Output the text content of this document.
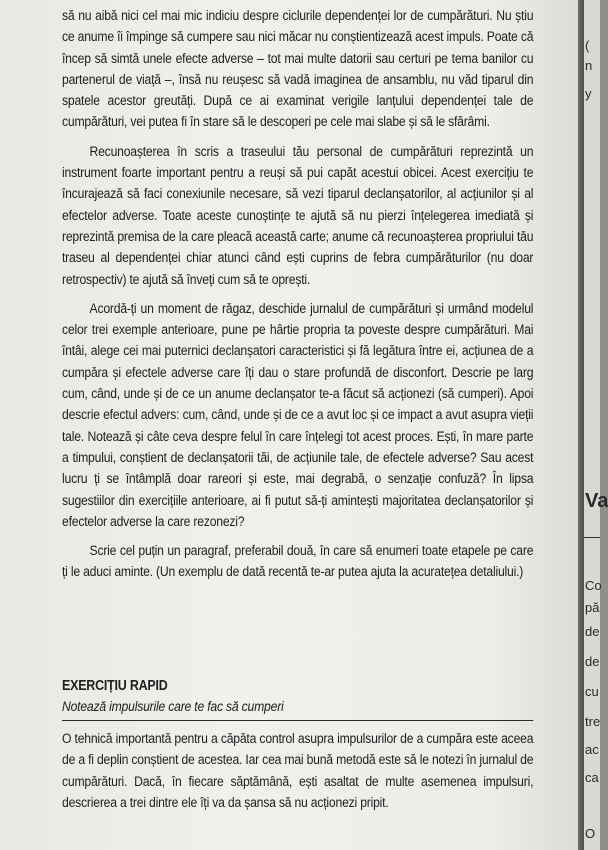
să nu aibă nici cel mai mic indiciu despre ciclurile dependenței lor de cumpărături. Nu știu ce anume îi împinge să cumpere sau nici măcar nu conștientizează acest impuls. Poate că încep să simtă unele efecte adverse – tot mai multe datorii sau certuri pe tema banilor cu partenerul de viață –, însă nu reușesc să vadă imaginea de ansamblu, nu văd tiparul din spatele acestor greutăți. După ce ai examinat verigile lanțului dependenței tale de cumpărături, vei putea fi în stare să le descoperi pe cele mai slabe și să le sfărâmi.

Recunoașterea în scris a traseului tău personal de cumpărături reprezintă un instrument foarte important pentru a reuși să pui capăt acestui obicei. Acest exercițiu te încurajează să faci conexiunile necesare, să vezi tiparul declanșatorilor, al acțiunilor și al efectelor adverse. Toate aceste cunoștințe te ajută să nu pierzi înțelegerea imediată și reprezintă premisa de la care pleacă această carte; anume că recunoașterea propriului tău traseu al dependenței chiar atunci când ești cuprins de febra cumpărăturilor (nu doar retrospectiv) te ajută să înveți cum să te oprești.

Acordă-ți un moment de răgaz, deschide jurnalul de cumpărături și urmând modelul celor trei exemple anterioare, pune pe hârtie propria ta poveste despre cumpărături. Mai întâi, alege cei mai puternici declanșatori caracteristici și fă legătura între ei, acțiunea de a cumpăra și efectele adverse care îți dau o stare profundă de disconfort. Descrie pe larg cum, când, unde și de ce un anume declanșator te-a făcut să acționezi (să cumperi). Apoi descrie efectul advers: cum, când, unde și de ce a avut loc și ce impact a avut asupra vieții tale. Notează și câte ceva despre felul în care înțelegi tot acest proces. Ești, în mare parte a timpului, conștient de declanșatorii tăi, de acțiunile tale, de efectele adverse? Sau acest lucru ți se întâmplă doar rareori și este, mai degrabă, o senzație confuză? În lipsa sugestiilor din exercițiile anterioare, ai fi putut să-ți amintești majoritatea declanșatorilor și efectelor adverse la care rezonezi?

Scrie cel puțin un paragraf, preferabil două, în care să enumeri toate etapele pe care ți le aduci aminte. (Un exemplu de dată recentă te-ar putea ajuta la acuratețea detaliului.)

EXERCIȚIU RAPID

Notează impulsurile care te fac să cumperi

O tehnică importantă pentru a căpăta control asupra impulsurilor de a cumpăra este aceea de a fi deplin conștient de acestea. Iar cea mai bună metodă este să le notezi în jurnalul de cumpărături. Dacă, în fiecare săptămână, ești asaltat de multe asemenea impulsuri, descrierea a trei dintre ele îți va da șansa să nu acționezi pripit.

(
n
y
Va
Co
pă
de
de
cu
tre
ac
ca
O
